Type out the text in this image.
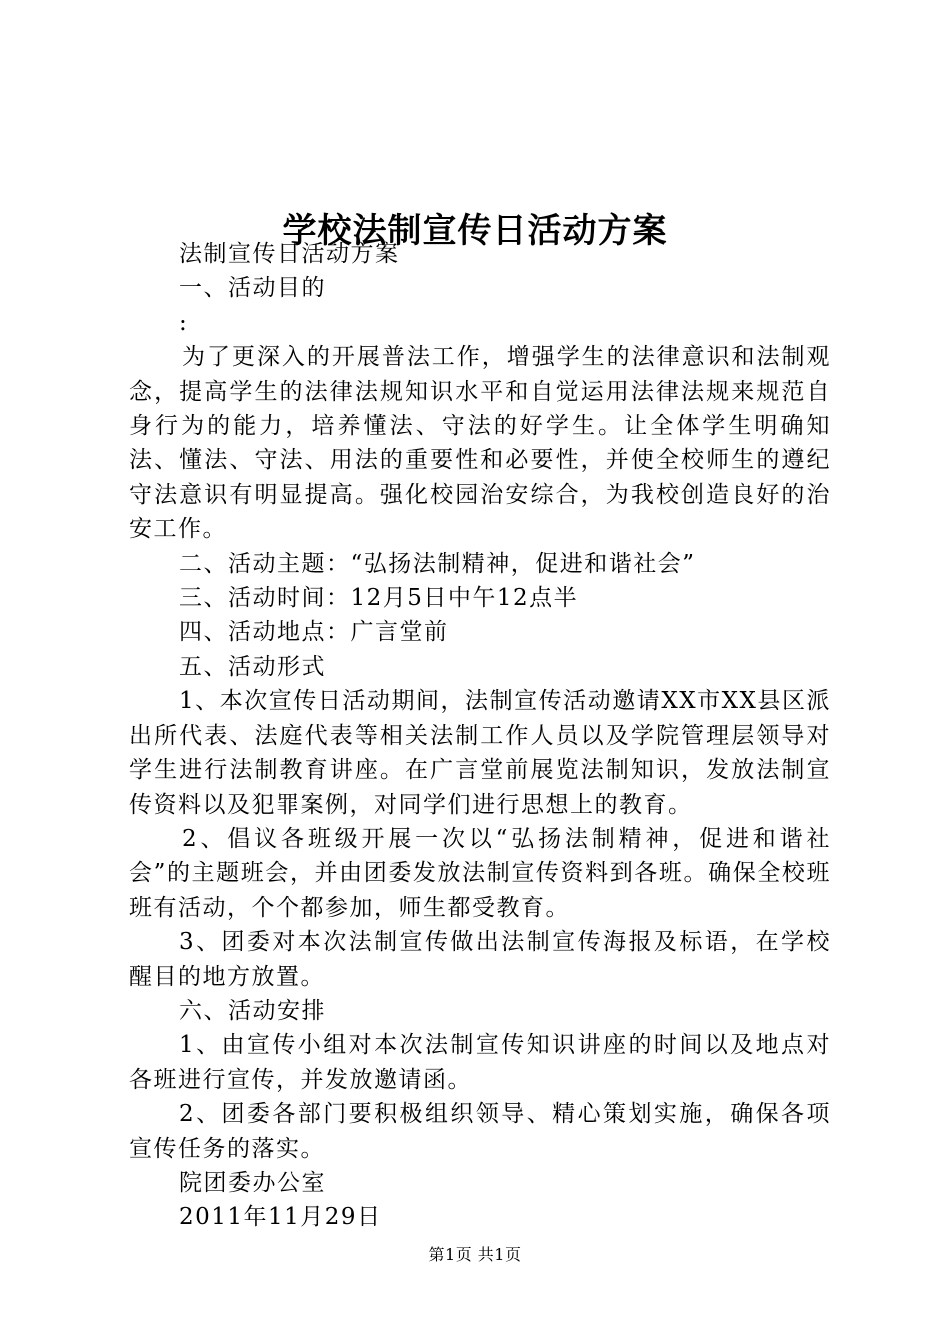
学校法制宣传日活动方案

法制宣传日活动方案

一、活动目的

:

为了更深入的开展普法工作，增强学生的法律意识和法制观念，提高学生的法律法规知识水平和自觉运用法律法规来规范自身行为的能力，培养懂法、守法的好学生。让全体学生明确知法、懂法、守法、用法的重要性和必要性，并使全校师生的遵纪守法意识有明显提高。强化校园治安综合，为我校创造良好的治安工作。

二、活动主题：“弘扬法制精神，促进和谐社会”

三、活动时间：12月5日中午12点半

四、活动地点：广言堂前

五、活动形式

1、本次宣传日活动期间，法制宣传活动邀请XX市XX县区派出所代表、法庭代表等相关法制工作人员以及学院管理层领导对学生进行法制教育讲座。在广言堂前展览法制知识，发放法制宣传资料以及犯罪案例，对同学们进行思想上的教育。

2、倡议各班级开展一次以“弘扬法制精神，促进和谐社会”的主题班会，并由团委发放法制宣传资料到各班。确保全校班班有活动，个个都参加，师生都受教育。

3、团委对本次法制宣传做出法制宣传海报及标语，在学校醒目的地方放置。

六、活动安排

1、由宣传小组对本次法制宣传知识讲座的时间以及地点对各班进行宣传，并发放邀请函。

2、团委各部门要积极组织领导、精心策划实施，确保各项宣传任务的落实。

院团委办公室

2011年11月29日

第1页 共1页
